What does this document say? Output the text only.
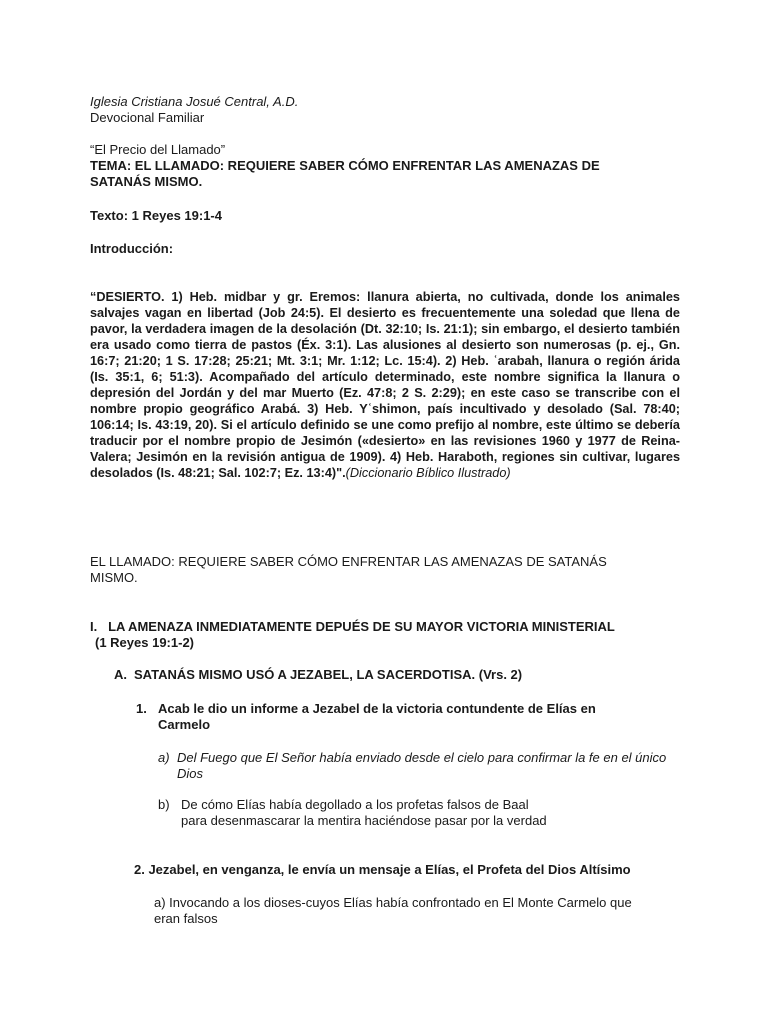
Iglesia Cristiana Josué Central, A.D.
Devocional Familiar
“El Precio del Llamado”
TEMA: EL LLAMADO: REQUIERE SABER CÓMO ENFRENTAR LAS AMENAZAS DE SATANÁS MISMO.
Texto: 1 Reyes 19:1-4
Introducción:

“DESIERTO. 1) Heb. midbar y gr. Eremos: llanura abierta, no cultivada, donde los animales salvajes vagan en libertad (Job 24:5). El desierto es frecuentemente una soledad que llena de pavor, la verdadera imagen de la desolación (Dt. 32:10; Is. 21:1); sin embargo, el desierto también era usado como tierra de pastos (Éx. 3:1). Las alusiones al desierto son numerosas (p. ej., Gn. 16:7; 21:20; 1 S. 17:28; 25:21; Mt. 3:1; Mr. 1:12; Lc. 15:4). 2) Heb. ʿarabah, llanura o región árida (Is. 35:1, 6; 51:3). Acompañado del artículo determinado, este nombre significa la llanura o depresión del Jordán y del mar Muerto (Ez. 47:8; 2 S. 2:29); en este caso se transcribe con el nombre propio geográfico Arabá. 3) Heb. Yʿshimon, país incultivado y desolado (Sal. 78:40; 106:14; Is. 43:19, 20). Si el artículo definido se une como prefijo al nombre, este último se debería traducir por el nombre propio de Jesimón («desierto» en las revisiones 1960 y 1977 de Reina-Valera; Jesimón en la revisión antigua de 1909). 4) Heb. Haraboth, regiones sin cultivar, lugares desolados (Is. 48:21; Sal. 102:7; Ez. 13:4)".(Diccionario Bíblico Ilustrado)

EL LLAMADO: REQUIERE SABER CÓMO ENFRENTAR LAS AMENAZAS DE SATANÁS MISMO.
I. LA AMENAZA INMEDIATAMENTE DEPUÉS DE SU MAYOR VICTORIA MINISTERIAL
(1 Reyes 19:1-2)
A. SATANÁS MISMO USÓ A JEZABEL, LA SACERDOTISA. (Vrs. 2)
1. Acab le dio un informe a Jezabel de la victoria contundente de Elías en Carmelo
a) Del Fuego que El Señor había enviado desde el cielo para confirmar la fe en el único Dios
b) De cómo Elías había degollado a los profetas falsos de Baal para desenmascarar la mentira haciéndose pasar por la verdad
2. Jezabel, en venganza, le envía un mensaje a Elías, el Profeta del Dios Altísimo
a) Invocando a los dioses-cuyos Elías había confrontado en El Monte Carmelo que eran falsos
